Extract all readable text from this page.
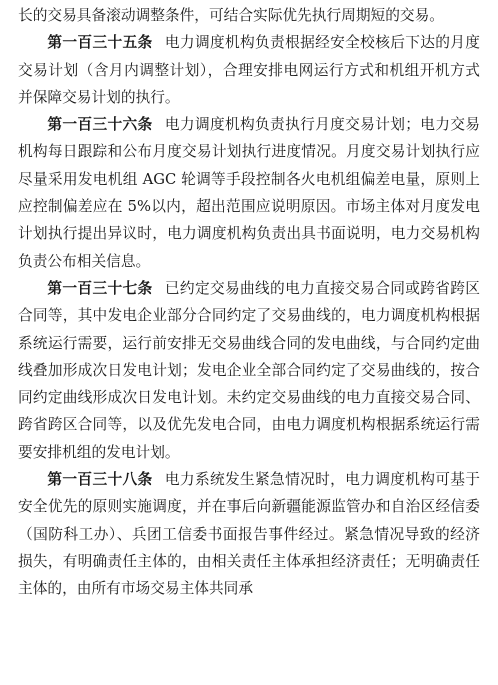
长的交易具备滚动调整条件，可结合实际优先执行周期短的交易。

第一百三十五条  电力调度机构负责根据经安全校核后下达的月度交易计划（含月内调整计划），合理安排电网运行方式和机组开机方式并保障交易计划的执行。

第一百三十六条  电力调度机构负责执行月度交易计划；电力交易机构每日跟踪和公布月度交易计划执行进度情况。月度交易计划执行应尽量采用发电机组 AGC 轮调等手段控制各火电机组偏差电量，原则上应控制偏差应在 5%以内，超出范围应说明原因。市场主体对月度发电计划执行提出异议时，电力调度机构负责出具书面说明，电力交易机构负责公布相关信息。

第一百三十七条  已约定交易曲线的电力直接交易合同或跨省跨区合同等，其中发电企业部分合同约定了交易曲线的，电力调度机构根据系统运行需要，运行前安排无交易曲线合同的发电曲线，与合同约定曲线叠加形成次日发电计划；发电企业全部合同约定了交易曲线的，按合同约定曲线形成次日发电计划。未约定交易曲线的电力直接交易合同、跨省跨区合同等，以及优先发电合同，由电力调度机构根据系统运行需要安排机组的发电计划。

第一百三十八条  电力系统发生紧急情况时，电力调度机构可基于安全优先的原则实施调度，并在事后向新疆能源监管办和自治区经信委（国防科工办）、兵团工信委书面报告事件经过。紧急情况导致的经济损失，有明确责任主体的，由相关责任主体承担经济责任；无明确责任主体的，由所有市场交易主体共同承
